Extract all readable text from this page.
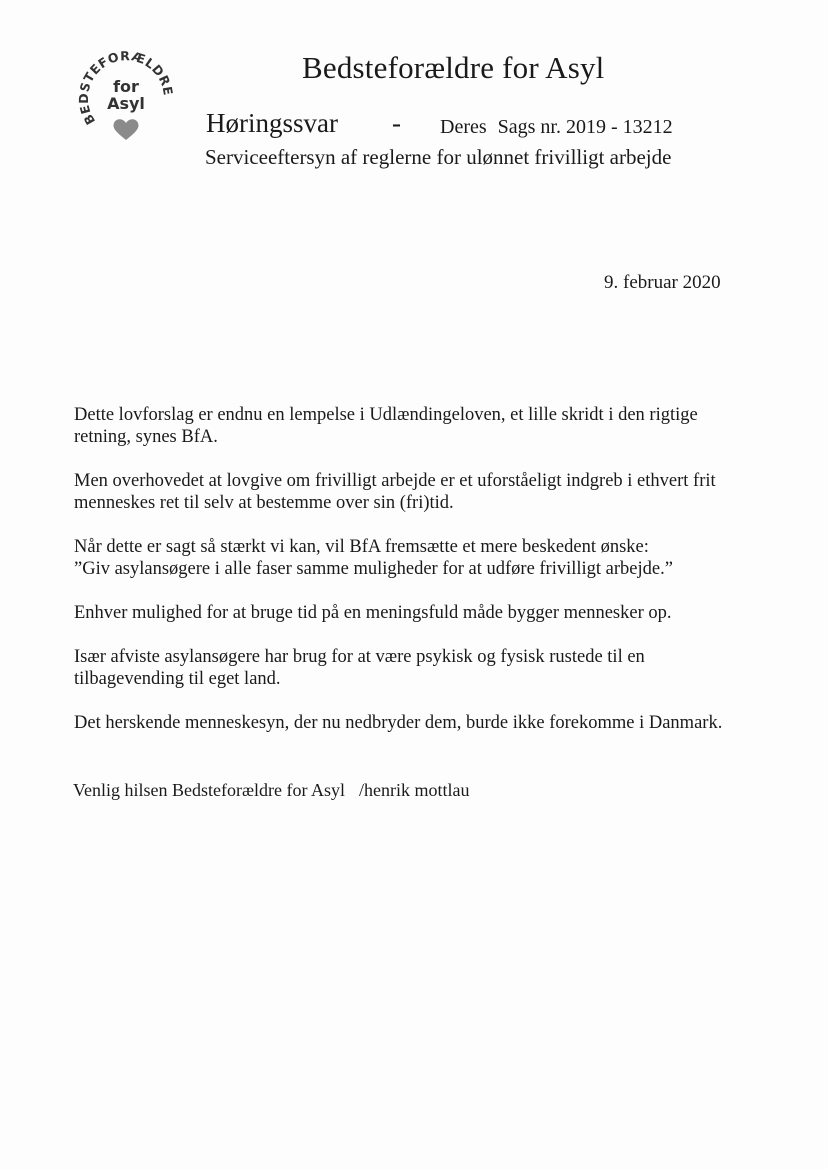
BEDSTEFORÆLDRE
for
Asyl
Bedsteforældre for Asyl
Høringssvar - Deres Sags nr. 2019 - 13212
Serviceeftersyn af reglerne for ulønnet frivilligt arbejde
9. februar 2020

Dette lovforslag er endnu en lempelse i Udlændingeloven, et lille skridt i den rigtige
retning, synes BfA.

Men overhovedet at lovgive om frivilligt arbejde er et uforståeligt indgreb i ethvert frit
menneskes ret til selv at bestemme over sin (fri)tid.

Når dette er sagt så stærkt vi kan, vil BfA fremsætte et mere beskedent ønske:
”Giv asylansøgere i alle faser samme muligheder for at udføre frivilligt arbejde.”

Enhver mulighed for at bruge tid på en meningsfuld måde bygger mennesker op.

Især afviste asylansøgere har brug for at være psykisk og fysisk rustede til en
tilbagevending til eget land.

Det herskende menneskesyn, der nu nedbryder dem, burde ikke forekomme i Danmark.

Venlig hilsen Bedsteforældre for Asyl /henrik mottlau
